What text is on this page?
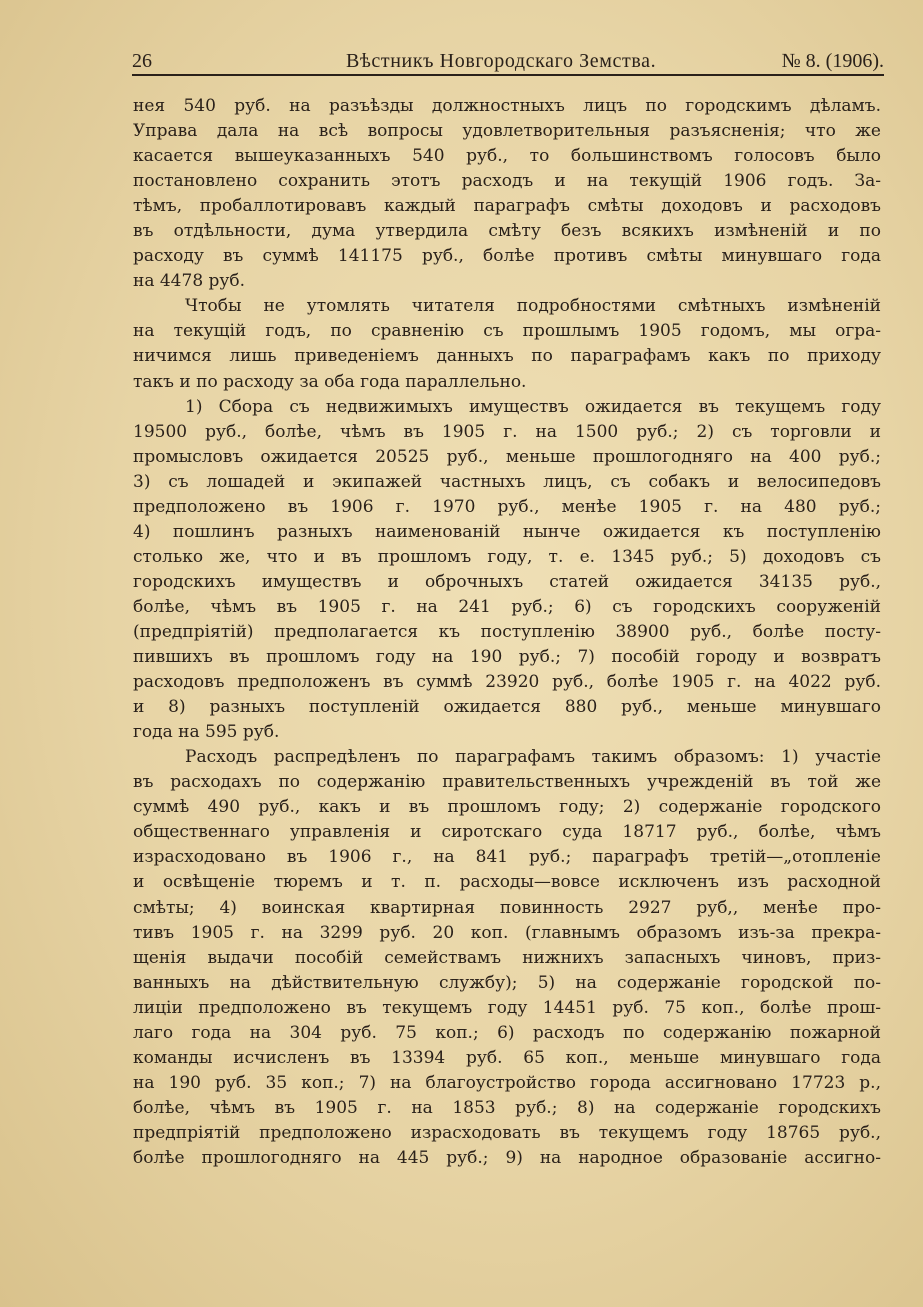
26	Вѣстникъ Новгородскаго Земства.	№ 8. (1906).
нея 540 руб. на разъѣзды должностныхъ лицъ по городскимъ дѣламъ.
Управа дала на всѣ вопросы удовлетворительныя разъясненія; что же
касается вышеуказанныхъ 540 руб., то большинствомъ голосовъ было
постановлено сохранить этотъ расходъ и на текущій 1906 годъ. За-
тѣмъ, пробаллотировавъ каждый параграфъ смѣты доходовъ и расходовъ
въ отдѣльности, дума утвердила смѣту безъ всякихъ измѣненій и по
расходу въ суммѣ 141175 руб., болѣе противъ смѣты минувшаго года
на 4478 руб.
Чтобы не утомлять читателя подробностями смѣтныхъ измѣненій
на текущій годъ, по сравненію съ прошлымъ 1905 годомъ, мы огра-
ничимся лишь приведеніемъ данныхъ по параграфамъ какъ по приходу
такъ и по расходу за оба года параллельно.
1) Сбора съ недвижимыхъ имуществъ ожидается въ текущемъ году
19500 руб., болѣе, чѣмъ въ 1905 г. на 1500 руб.; 2) съ торговли и
промысловъ ожидается 20525 руб., меньше прошлогодняго на 400 руб.;
3) съ лошадей и экипажей частныхъ лицъ, съ собакъ и велосипедовъ
предположено въ 1906 г. 1970 руб., менѣе 1905 г. на 480 руб.;
4) пошлинъ разныхъ наименованій нынче ожидается къ поступленію
столько же, что и въ прошломъ году, т. е. 1345 руб.; 5) доходовъ съ
городскихъ имуществъ и оброчныхъ статей ожидается 34135 руб.,
болѣе, чѣмъ въ 1905 г. на 241 руб.; 6) съ городскихъ сооруженій
(предпріятій) предполагается къ поступленію 38900 руб., болѣе посту-
пившихъ въ прошломъ году на 190 руб.; 7) пособій городу и возвратъ
расходовъ предположенъ въ суммѣ 23920 руб., болѣе 1905 г. на 4022 руб.
и 8) разныхъ поступленій ожидается 880 руб., меньше минувшаго
года на 595 руб.
Расходъ распредѣленъ по параграфамъ такимъ образомъ: 1) участіе
въ расходахъ по содержанію правительственныхъ учрежденій въ той же
суммѣ 490 руб., какъ и въ прошломъ году; 2) содержаніе городского
общественнаго управленія и сиротскаго суда 18717 руб., болѣе, чѣмъ
израсходовано въ 1906 г., на 841 руб.; параграфъ третій—„отопленіе
и освѣщеніе тюремъ и т. п. расходы—вовсе исключенъ изъ расходной
смѣты; 4) воинская квартирная повинность 2927 руб,, менѣе про-
тивъ 1905 г. на 3299 руб. 20 коп. (главнымъ образомъ изъ-за прекра-
щенія выдачи пособій семействамъ нижнихъ запасныхъ чиновъ, приз-
ванныхъ на дѣйствительную службу); 5) на содержаніе городской по-
лиціи предположено въ текущемъ году 14451 руб. 75 коп., болѣе прош-
лаго года на 304 руб. 75 коп.; 6) расходъ по содержанію пожарной
команды исчисленъ въ 13394 руб. 65 коп., меньше минувшаго года
на 190 руб. 35 коп.; 7) на благоустройство города ассигновано 17723 р.,
болѣе, чѣмъ въ 1905 г. на 1853 руб.; 8) на содержаніе городскихъ
предпріятій предположено израсходовать въ текущемъ году 18765 руб.,
болѣе прошлогодняго на 445 руб.; 9) на народное образованіе ассигно-
